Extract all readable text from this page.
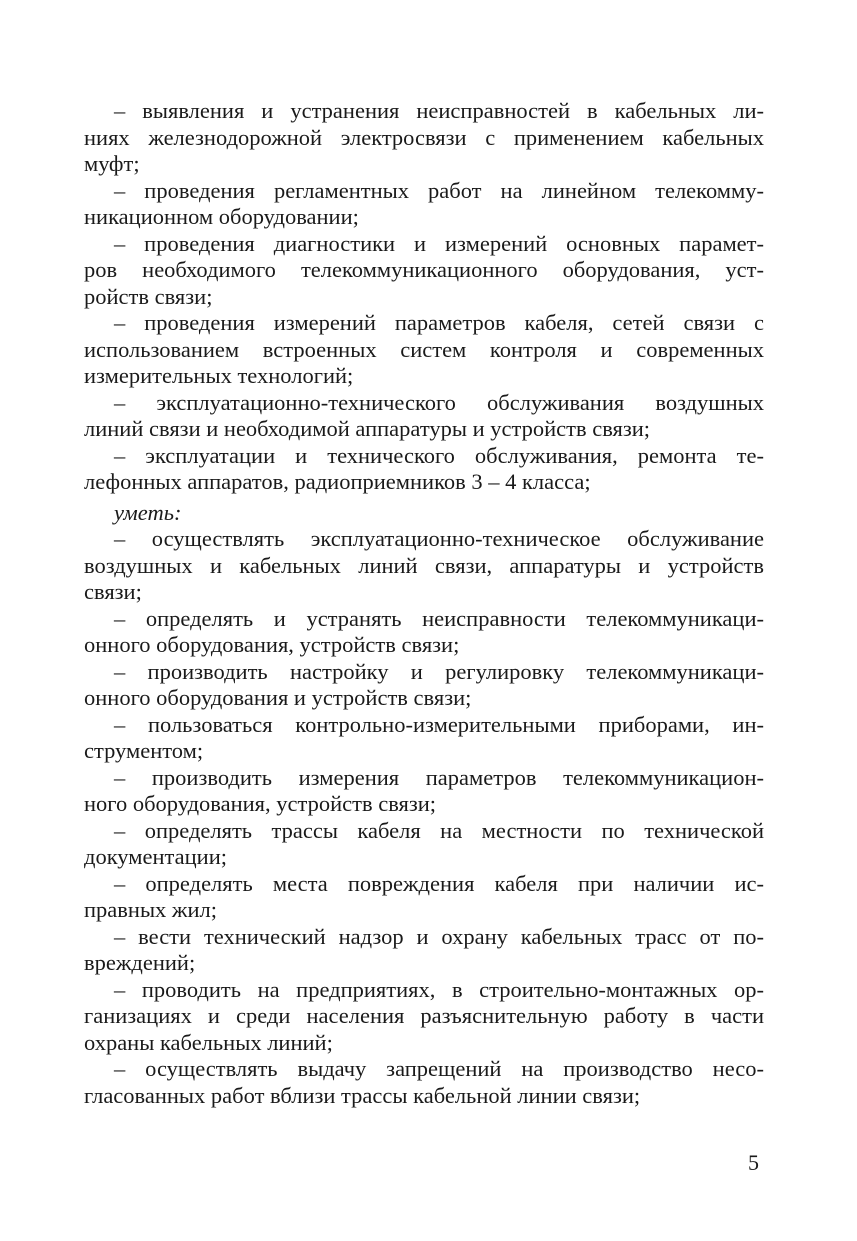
– выявления и устранения неисправностей в кабельных ли-
ниях железнодорожной электросвязи с применением кабельных
муфт;

– проведения регламентных работ на линейном телекомму-
никационном оборудовании;

– проведения диагностики и измерений основных парамет-
ров необходимого телекоммуникационного оборудования, уст-
ройств связи;

– проведения измерений параметров кабеля, сетей связи с
использованием встроенных систем контроля и современных
измерительных технологий;

– эксплуатационно-технического обслуживания воздушных
линий связи и необходимой аппаратуры и устройств связи;

– эксплуатации и технического обслуживания, ремонта те-
лефонных аппаратов, радиоприемников 3 – 4 класса;

уметь:

– осуществлять эксплуатационно-техническое обслуживание
воздушных и кабельных линий связи, аппаратуры и устройств
связи;

– определять и устранять неисправности телекоммуникаци-
онного оборудования, устройств связи;

– производить настройку и регулировку телекоммуникаци-
онного оборудования и устройств связи;

– пользоваться контрольно-измерительными приборами, ин-
струментом;

– производить измерения параметров телекоммуникацион-
ного оборудования, устройств связи;

– определять трассы кабеля на местности по технической
документации;

– определять места повреждения кабеля при наличии ис-
правных жил;

– вести технический надзор и охрану кабельных трасс от по-
вреждений;

– проводить на предприятиях, в строительно-монтажных ор-
ганизациях и среди населения разъяснительную работу в части
охраны кабельных линий;

– осуществлять выдачу запрещений на производство несо-
гласованных работ вблизи трассы кабельной линии связи;

5
